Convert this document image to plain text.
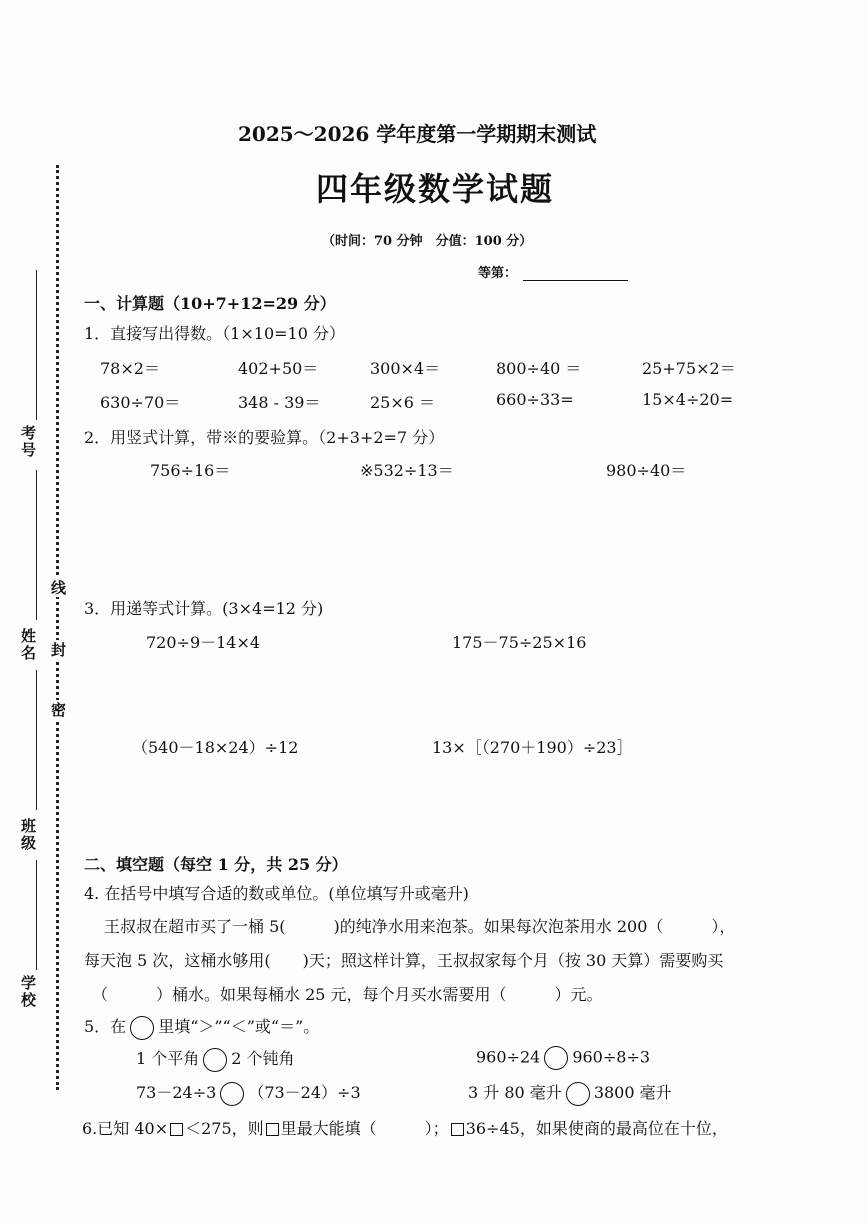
考号
姓名
班级
学校
线
封
密
2025～2026 学年度第一学期期末测试
四年级数学试题
（时间：70 分钟　分值：100 分）
等第：
一、计算题（10+7+12=29 分）
1．直接写出得数。（1×10=10 分）
78×2＝	402+50＝	300×4＝	800÷40 ＝	25+75×2＝
630÷70＝	348 - 39＝	25×6 ＝	660÷33=	15×4÷20=
2．用竖式计算，带※的要验算。（2+3+2=7 分）
756÷16＝	※532÷13＝	980÷40＝
3．用递等式计算。(3×4=12 分)
720÷9－14×4	175－75÷25×16
（540－18×24）÷12	13×［（270＋190）÷23］
二、填空题（每空 1 分，共 25 分）
4. 在括号中填写合适的数或单位。(单位填写升或毫升)
王叔叔在超市买了一桶 5(　　　)的纯净水用来泡茶。如果每次泡茶用水 200（　　　），
每天泡 5 次，这桶水够用(　　)天；照这样计算，王叔叔家每个月（按 30 天算）需要购买
（　　　）桶水。如果每桶水 25 元，每个月买水需要用（　　　）元。
5．在 里填“＞”“＜”或“＝”。
1 个平角 2 个钝角	960÷24 960÷8÷3
73－24÷3 （73－24）÷3	3 升 80 毫升 3800 毫升
6.已知 40× ＜275，则 里最大能填（　　　）； 36÷45，如果使商的最高位在十位，
